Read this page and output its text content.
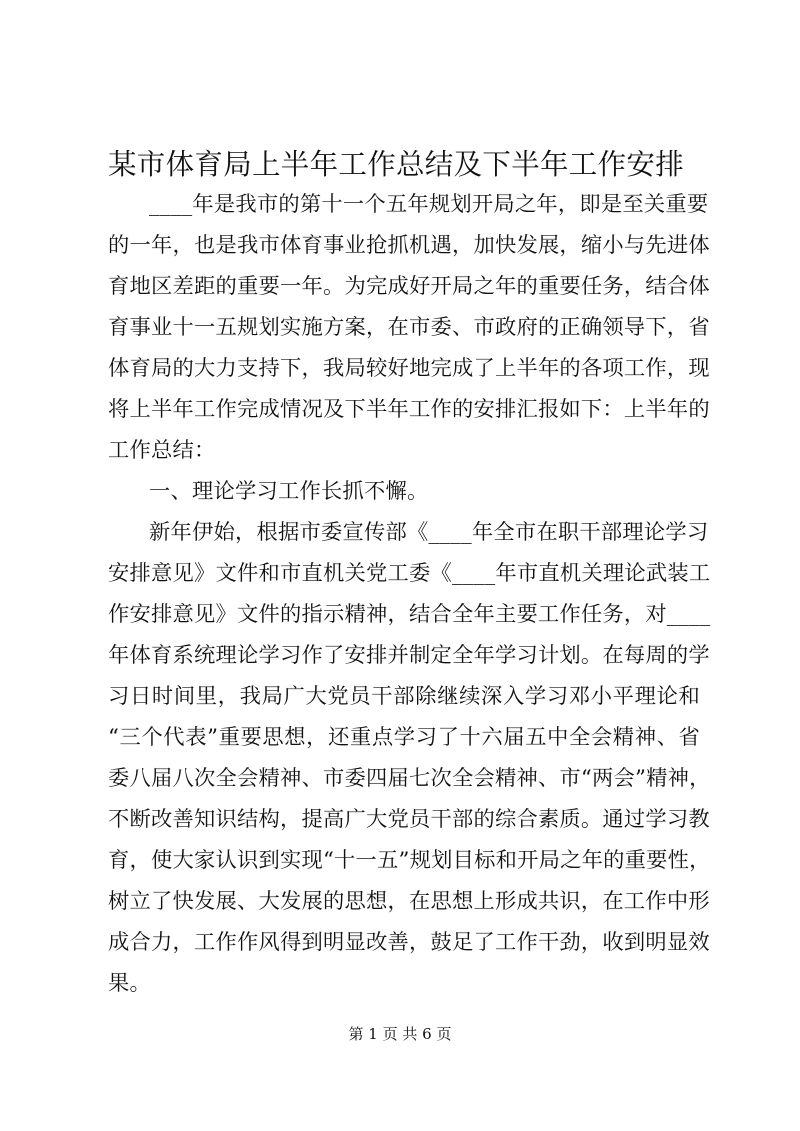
某市体育局上半年工作总结及下半年工作安排

____年是我市的第十一个五年规划开局之年，即是至关重要

的一年，也是我市体育事业抢抓机遇，加快发展，缩小与先进体

育地区差距的重要一年。为完成好开局之年的重要任务，结合体

育事业十一五规划实施方案，在市委、市政府的正确领导下，省

体育局的大力支持下，我局较好地完成了上半年的各项工作，现

将上半年工作完成情况及下半年工作的安排汇报如下：上半年的

工作总结：

一、理论学习工作长抓不懈。

新年伊始，根据市委宣传部《____年全市在职干部理论学习

安排意见》文件和市直机关党工委《____年市直机关理论武装工

作安排意见》文件的指示精神，结合全年主要工作任务，对____

年体育系统理论学习作了安排并制定全年学习计划。在每周的学

习日时间里，我局广大党员干部除继续深入学习邓小平理论和

“三个代表”重要思想，还重点学习了十六届五中全会精神、省

委八届八次全会精神、市委四届七次全会精神、市“两会”精神，

不断改善知识结构，提高广大党员干部的综合素质。通过学习教

育，使大家认识到实现“十一五”规划目标和开局之年的重要性，

树立了快发展、大发展的思想，在思想上形成共识，在工作中形

成合力，工作作风得到明显改善，鼓足了工作干劲，收到明显效

果。

第 1 页 共 6 页
